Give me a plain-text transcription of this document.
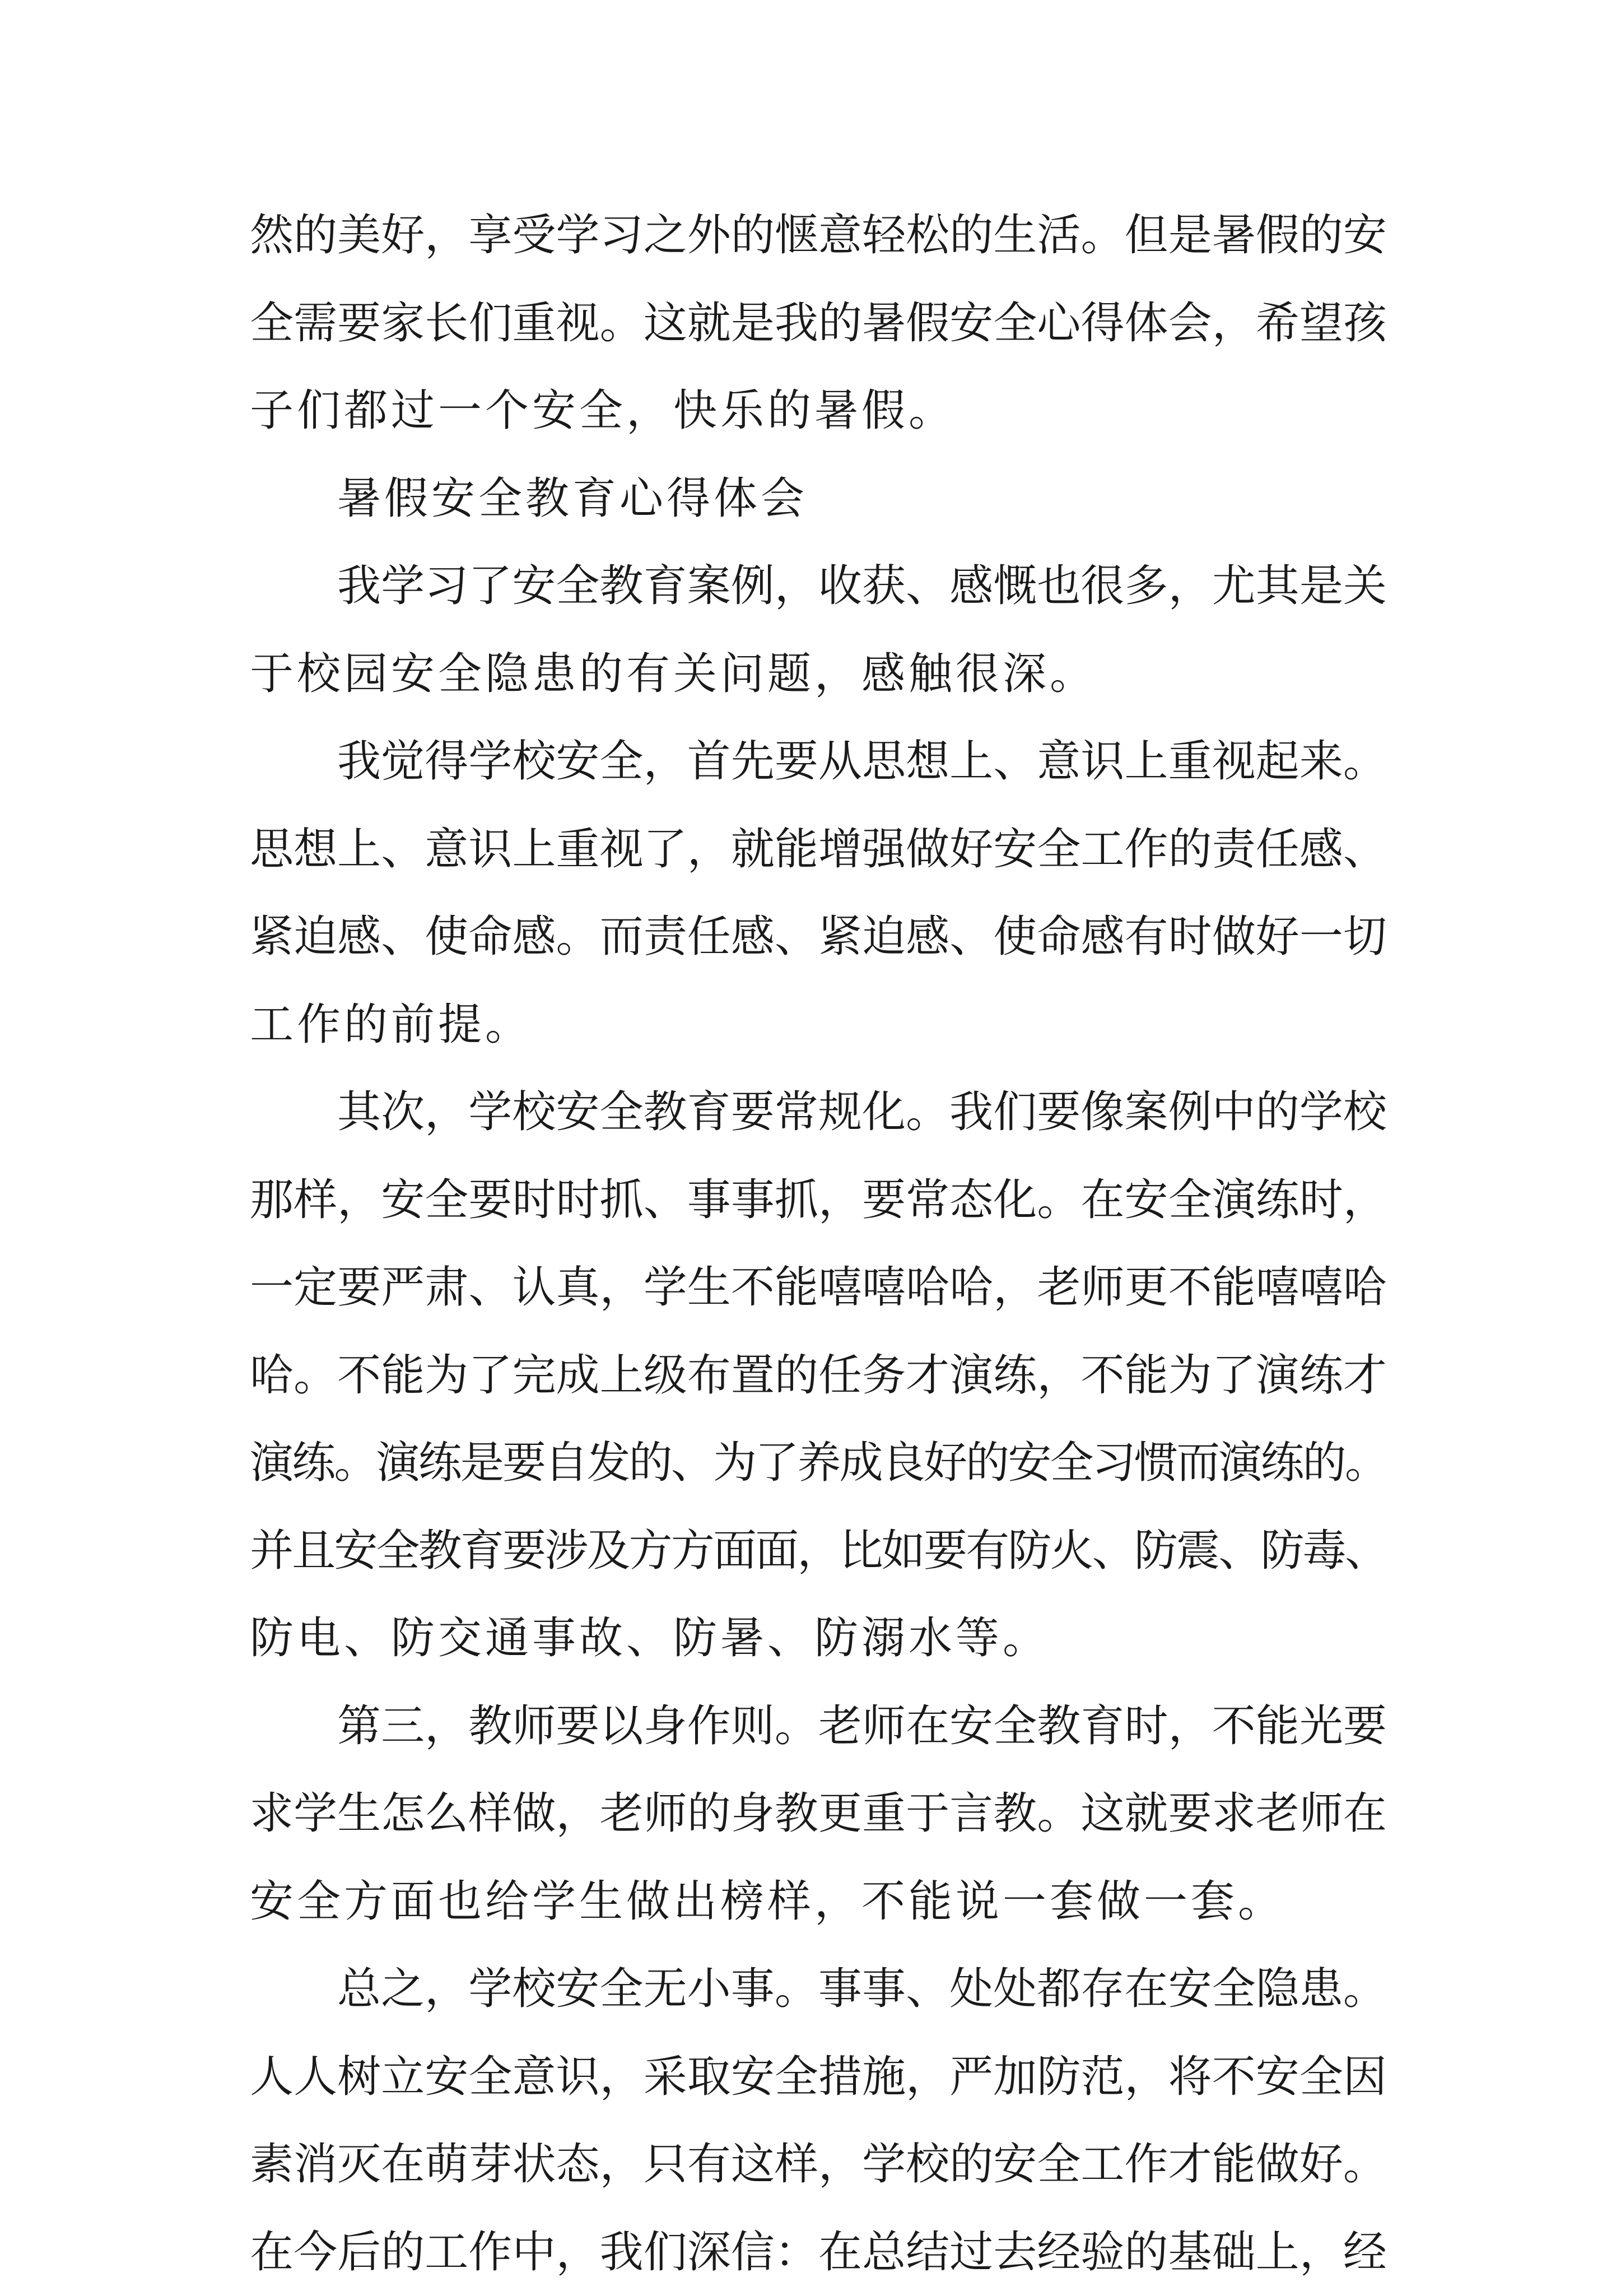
然的美好，享受学习之外的惬意轻松的生活。但是暑假的安
全需要家长们重视。这就是我的暑假安全心得体会，希望孩
子们都过一个安全，快乐的暑假。
暑假安全教育心得体会
我学习了安全教育案例，收获、感慨也很多，尤其是关
于校园安全隐患的有关问题，感触很深。
我觉得学校安全，首先要从思想上、意识上重视起来。
思想上、意识上重视了，就能增强做好安全工作的责任感、
紧迫感、使命感。而责任感、紧迫感、使命感有时做好一切
工作的前提。
其次，学校安全教育要常规化。我们要像案例中的学校
那样，安全要时时抓、事事抓，要常态化。在安全演练时，
一定要严肃、认真，学生不能嘻嘻哈哈，老师更不能嘻嘻哈
哈。不能为了完成上级布置的任务才演练，不能为了演练才
演练。演练是要自发的、为了养成良好的安全习惯而演练的。
并且安全教育要涉及方方面面，比如要有防火、防震、防毒、
防电、防交通事故、防暑、防溺水等。
第三，教师要以身作则。老师在安全教育时，不能光要
求学生怎么样做，老师的身教更重于言教。这就要求老师在
安全方面也给学生做出榜样，不能说一套做一套。
总之，学校安全无小事。事事、处处都存在安全隐患。
人人树立安全意识，采取安全措施，严加防范，将不安全因
素消灭在萌芽状态，只有这样，学校的安全工作才能做好。
在今后的工作中，我们深信：在总结过去经验的基础上，经
